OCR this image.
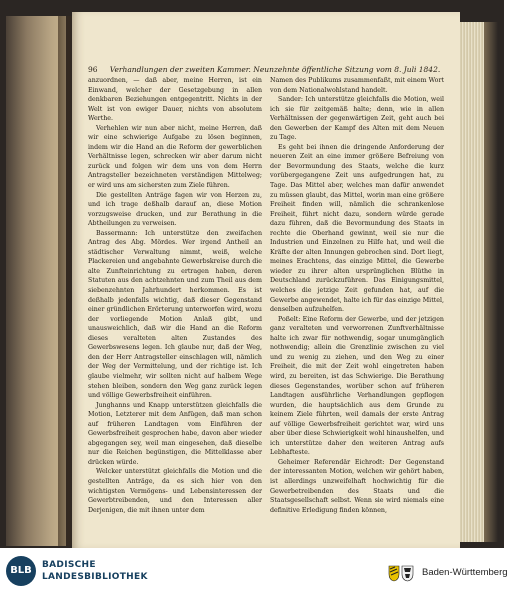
96 Verhandlungen der zweiten Kammer. Neunzehnte öffentliche Sitzung vom 8. Juli 1842.

anzuordnen, — daß aber, meine Herren, ist ein Einwand, welcher der Gesetzgebung in allen denkbaren Beziehungen entgegentritt. Nichts in der Welt ist von ewiger Dauer, nichts von absolutem Werthe.

Verhehlen wir nun aber nicht, meine Herren, daß wir eine schwierige Aufgabe zu lösen beginnen, indem wir die Hand an die Reform der gewerblichen Verhältnisse legen, schrecken wir aber darum nicht zurück und folgen wir dem uns von dem Herrn Antragsteller bezeichneten verständigen Mittelweg; er wird uns am sichersten zum Ziele führen.

Die gestellten Anträge fagen wir von Herzen zu, und ich trage deßhalb darauf an, diese Motion vorzugsweise drucken, und zur Berathung in die Abtheilungen zu verweisen.

Bassermann: Ich unterstütze den zweifachen Antrag des Abg. Mördes. Wer irgend Antheil an städtischer Verwaltung nimmt, weiß, welche Plackereien und angebahnte Gewerbskreise durch die alte Zunfteinrichtung zu ertragen haben, deren Statuten aus den achtzehnten und zum Theil aus dem siebenzehnten Jahrhundert herkommen. Es ist deßhalb jedenfalls wichtig, daß dieser Gegenstand einer gründlichen Erörterung unterworfen wird, wozu der vorliegende Motion Anlaß gibt, und unausweichlich, daß wir die Hand an die Reform dieses veralteten alten Zustandes des Gewerbswesens legen. Ich glaube nur, daß der Weg, den der Herr Antragsteller einschlagen will, nämlich der Weg der Vermittelung, und der richtige ist. Ich glaube vielmehr, wir sollten nicht auf halbem Wege stehen bleiben, sondern den Weg ganz zurück legen und völlige Gewerbsfreiheit einführen.

Junghanns und Knapp unterstützen gleichfalls die Motion, Letzterer mit dem Anfügen, daß man schon auf früheren Landtagen vom Einführen der Gewerbsfreiheit gesprochen habe, davon aber wieder abgegangen sey, weil man eingesehen, daß dieselbe nur die Reichen begünstigen, die Mittelklasse aber drücken würde.

Welcker unterstützt gleichfalls die Motion und die gestellten Anträge, da es sich hier von den wichtigsten Vermögens- und Lebensinteressen der Gewerbtreibenden, und den Interessen aller Derjenigen, die mit ihnen unter dem

Namen des Publikums zusammenfaßt, mit einem Wort von dem Nationalwohlstand handelt.

Sander: Ich unterstütze gleichfalls die Motion, weil ich sie für zeitgemäß halte; denn, wie in allen Verhältnissen der gegenwärtigen Zeit, geht auch bei den Gewerben der Kampf des Alten mit dem Neuen zu Tage.

Es geht bei ihnen die dringende Anforderung der neueren Zeit an eine immer größere Befreiung von der Bevormundung des Staats, welche die kurz vorübergegangene Zeit uns aufgedrungen hat, zu Tage. Das Mittel aber, welches man dafür anwendet zu müssen glaubt, das Mittel, worin man eine größere Freiheit finden will, nämlich die schrankenlose Freiheit, führt nicht dazu, sondern würde gerade dazu führen, daß die Bevormundung des Staats in rechte die Oberhand gewinnt, weil sie nur die Industrien und Einzelnen zu Hilfe hat, und weil die Kräfte der alten Innungen gebrochen sind. Dort liegt, meines Erachtens, das einzige Mittel, die Gewerbe wieder zu ihrer alten ursprünglichen Blüthe in Deutschland zurückzuführen. Das Einigungsmittel, welches die jetzige Zeit gefunden hat, auf die Gewerbe angewendet, halte ich für das einzige Mittel, denselben aufzuhelfen.

Poßelt: Eine Reform der Gewerbe, und der jetzigen ganz veralteten und verworrenen Zunftverhältnisse halte ich zwar für nothwendig, sogar unumgänglich nothwendig; allein die Grenzlinie zwischen zu viel und zu wenig zu ziehen, und den Weg zu einer Freiheit, die mit der Zeit wohl eingetreten haben wird, zu bereiten, ist das Schwierige. Die Berathung dieses Gegenstandes, worüber schon auf früheren Landtagen ausführliche Verhandlungen gepflogen wurden, die hauptsächlich aus dem Grunde zu keinem Ziele führten, weil damals der erste Antrag auf völlige Gewerbsfreiheit gerichtet war, wird uns aber über diese Schwierigkeit wohl hinaushelfen, und ich unterstütze daher den weiteren Antrag aufs Lebhafteste.

Geheimer Referendär Eichrodt: Der Gegenstand der interessanten Motion, welchen wir gehört haben, ist allerdings unzweifelhaft hochwichtig für die Gewerbetreibenden des Staats und die Staatsgesellschaft selbst. Wenn sie wird niemals eine definitive Erledigung finden können,

BLB	BADISCHE
LANDESBIBLIOTHEK	Baden-Württemberg
